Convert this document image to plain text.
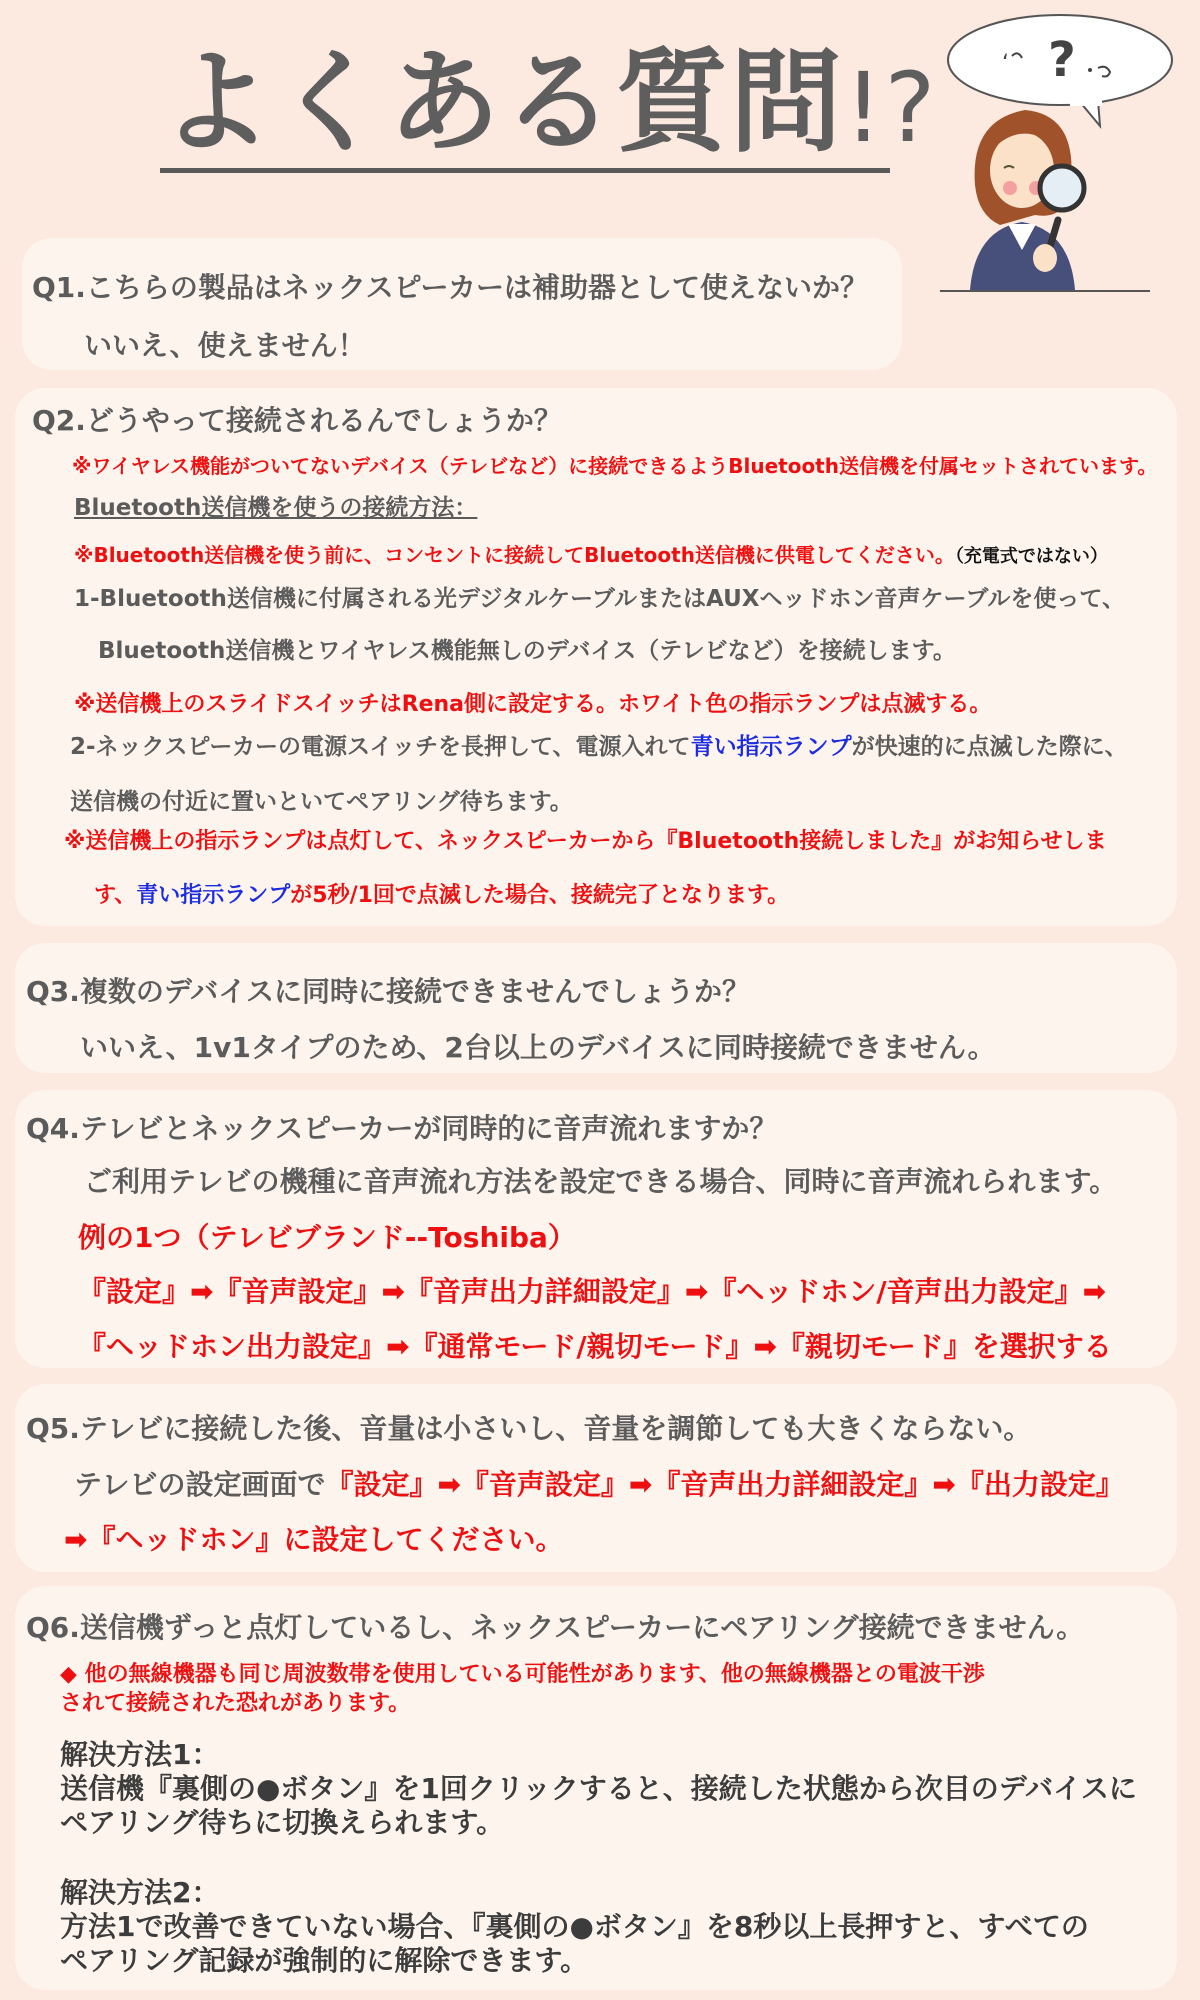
よくある質問!? ?
ʻ
Q1.こちらの製品はネックスピーカーは補助器として使えないか？
いいえ、使えません！
Q2.どうやって接続されるんでしょうか？
※ワイヤレス機能がついてないデバイス（テレビなど）に接続できるようBluetooth送信機を付属セットされています。
Bluetooth送信機を使うの接続方法：
※Bluetooth送信機を使う前に、コンセントに接続してBluetooth送信機に供電してください。（充電式ではない）
1-Bluetooth送信機に付属される光デジタルケーブルまたはAUXヘッドホン音声ケーブルを使って、
Bluetooth送信機とワイヤレス機能無しのデバイス（テレビなど）を接続します。
※送信機上のスライドスイッチはRena側に設定する。ホワイト色の指示ランプは点滅する。
2-ネックスピーカーの電源スイッチを長押して、電源入れて青い指示ランプが快速的に点滅した際に、
送信機の付近に置いといてペアリング待ちます。
※送信機上の指示ランプは点灯して、ネックスピーカーから『Bluetooth接続しました』がお知らせしま
す、青い指示ランプが5秒/1回で点滅した場合、接続完了となります。
Q3.複数のデバイスに同時に接続できませんでしょうか？
いいえ、1v1タイプのため、2台以上のデバイスに同時接続できません。
Q4.テレビとネックスピーカーが同時的に音声流れますか？
ご利用テレビの機種に音声流れ方法を設定できる場合、同時に音声流れられます。
例の1つ（テレビブランド--Toshiba）
『設定』➡『音声設定』➡『音声出力詳細設定』➡『ヘッドホン/音声出力設定』➡
『ヘッドホン出力設定』➡『通常モード/親切モード』➡『親切モード』を選択する
Q5.テレビに接続した後、音量は小さいし、音量を調節しても大きくならない。
テレビの設定画面で『設定』➡『音声設定』➡『音声出力詳細設定』➡『出力設定』
➡『ヘッドホン』に設定してください。
Q6.送信機ずっと点灯しているし、ネックスピーカーにペアリング接続できません。
◆ 他の無線機器も同じ周波数帯を使用している可能性があります、他の無線機器との電波干渉
されて接続された恐れがあります。
解決方法1：
送信機『裏側の●ボタン』を1回クリックすると、接続した状態から次目のデバイスに
ペアリング待ちに切換えられます。
解決方法2：
方法1で改善できていない場合、『裏側の●ボタン』を8秒以上長押すと、すべての
ペアリング記録が強制的に解除できます。
